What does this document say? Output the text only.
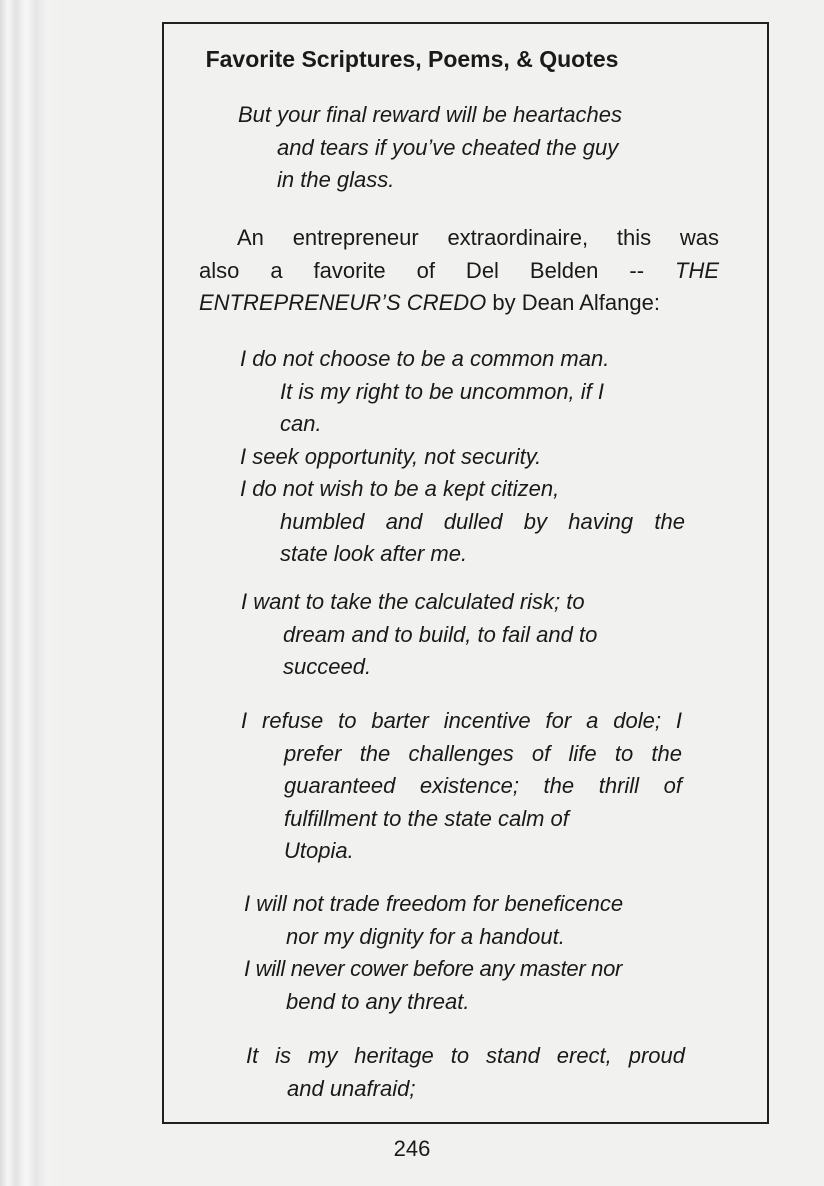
Favorite Scriptures, Poems, & Quotes
But your final reward will be heartaches
and tears if you’ve cheated the guy
in the glass.
An entrepreneur extraordinaire, this was
also a favorite of Del Belden -- THE
ENTREPRENEUR’S CREDO by Dean Alfange:
I do not choose to be a common man.
It is my right to be uncommon, if I
can.
I seek opportunity, not security.
I do not wish to be a kept citizen,
humbled and dulled by having the
state look after me.
I want to take the calculated risk; to
dream and to build, to fail and to
succeed.
I refuse to barter incentive for a dole; I
prefer the challenges of life to the
guaranteed existence; the thrill of
fulfillment to the state calm of
Utopia.
I will not trade freedom for beneficence
nor my dignity for a handout.
I will never cower before any master nor
bend to any threat.
It is my heritage to stand erect, proud
and unafraid;

246
